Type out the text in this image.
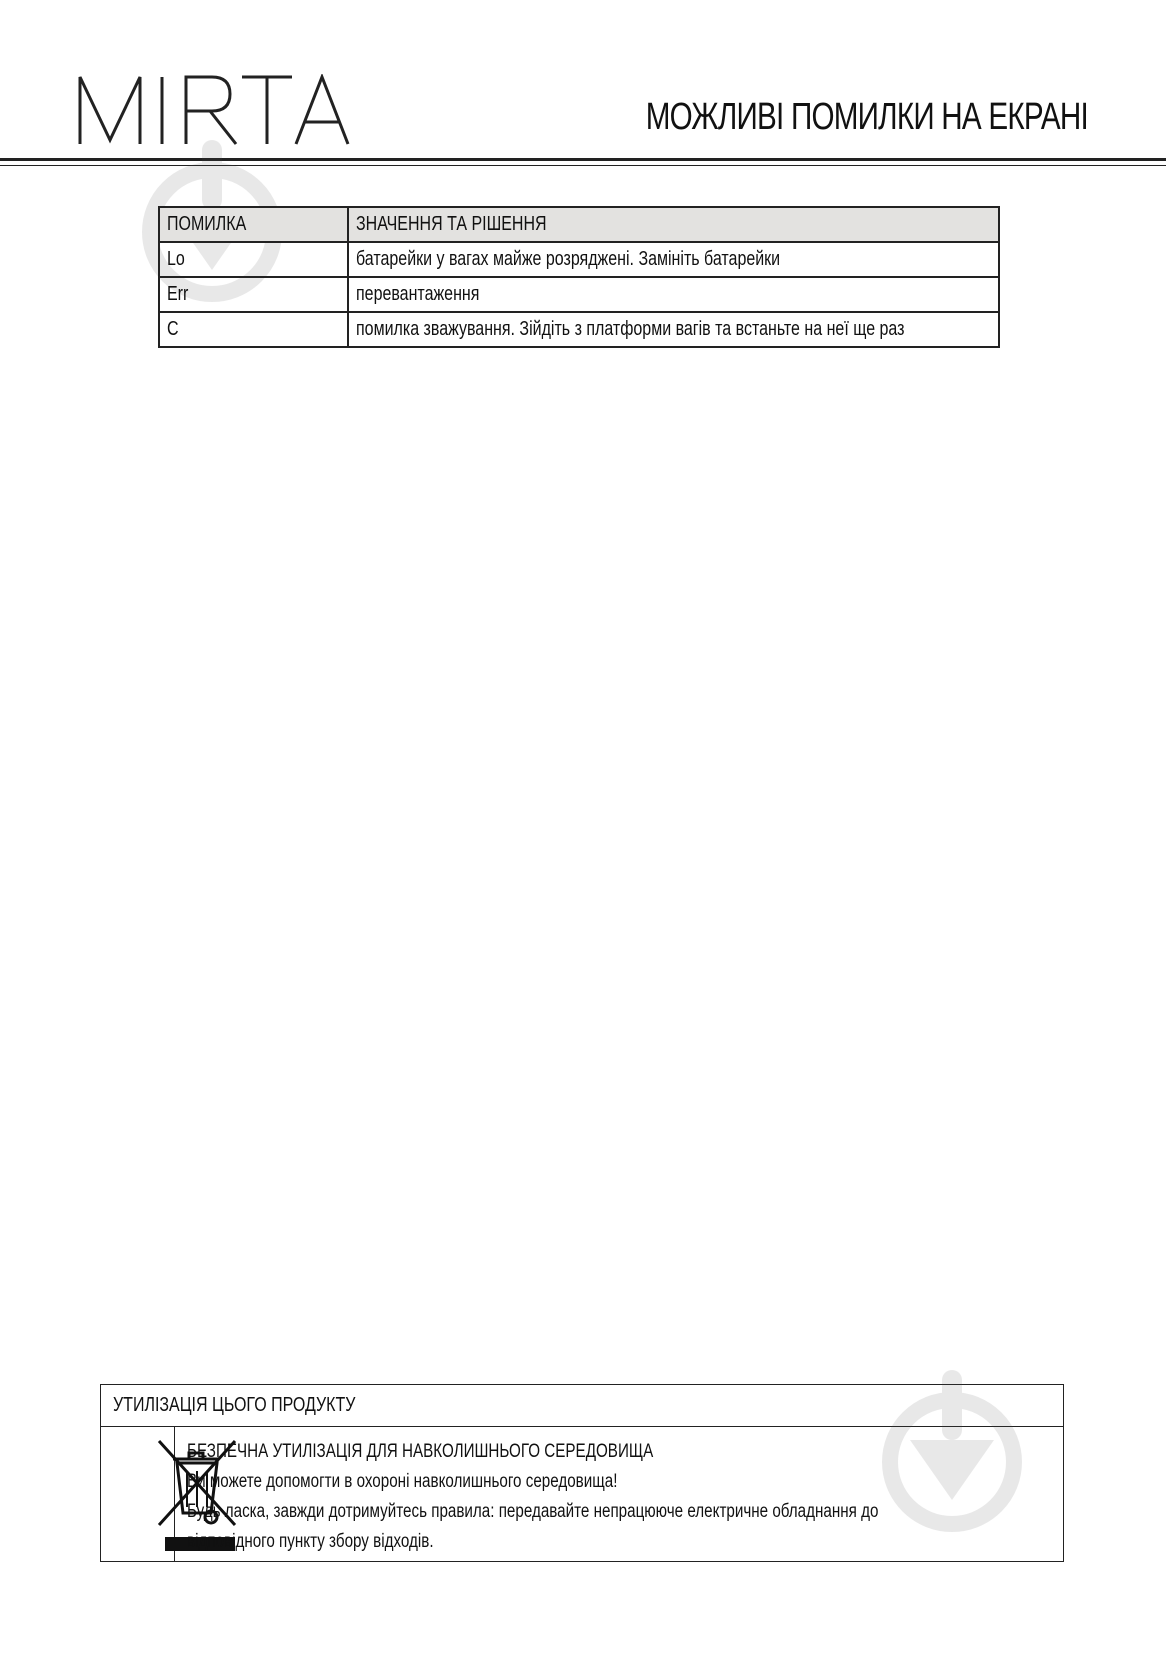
МОЖЛИВІ ПОМИЛКИ НА ЕКРАНІ
ПОМИЛКА	ЗНАЧЕННЯ ТА РІШЕННЯ
Lo	батарейки у вагах майже розряджені. Замініть батарейки
Err	перевантаження
C	помилка зважування. Зійдіть з платформи вагів та встаньте на неї ще раз
УТИЛІЗАЦІЯ ЦЬОГО ПРОДУКТУ
БЕЗПЕЧНА УТИЛІЗАЦІЯ ДЛЯ НАВКОЛИШНЬОГО СЕРЕДОВИЩА
Ви можете допомогти в охороні навколишнього середовища!
Будь ласка, завжди дотримуйтесь правила: передавайте непрацююче електричне обладнання до
відповідного пункту збору відходів.
